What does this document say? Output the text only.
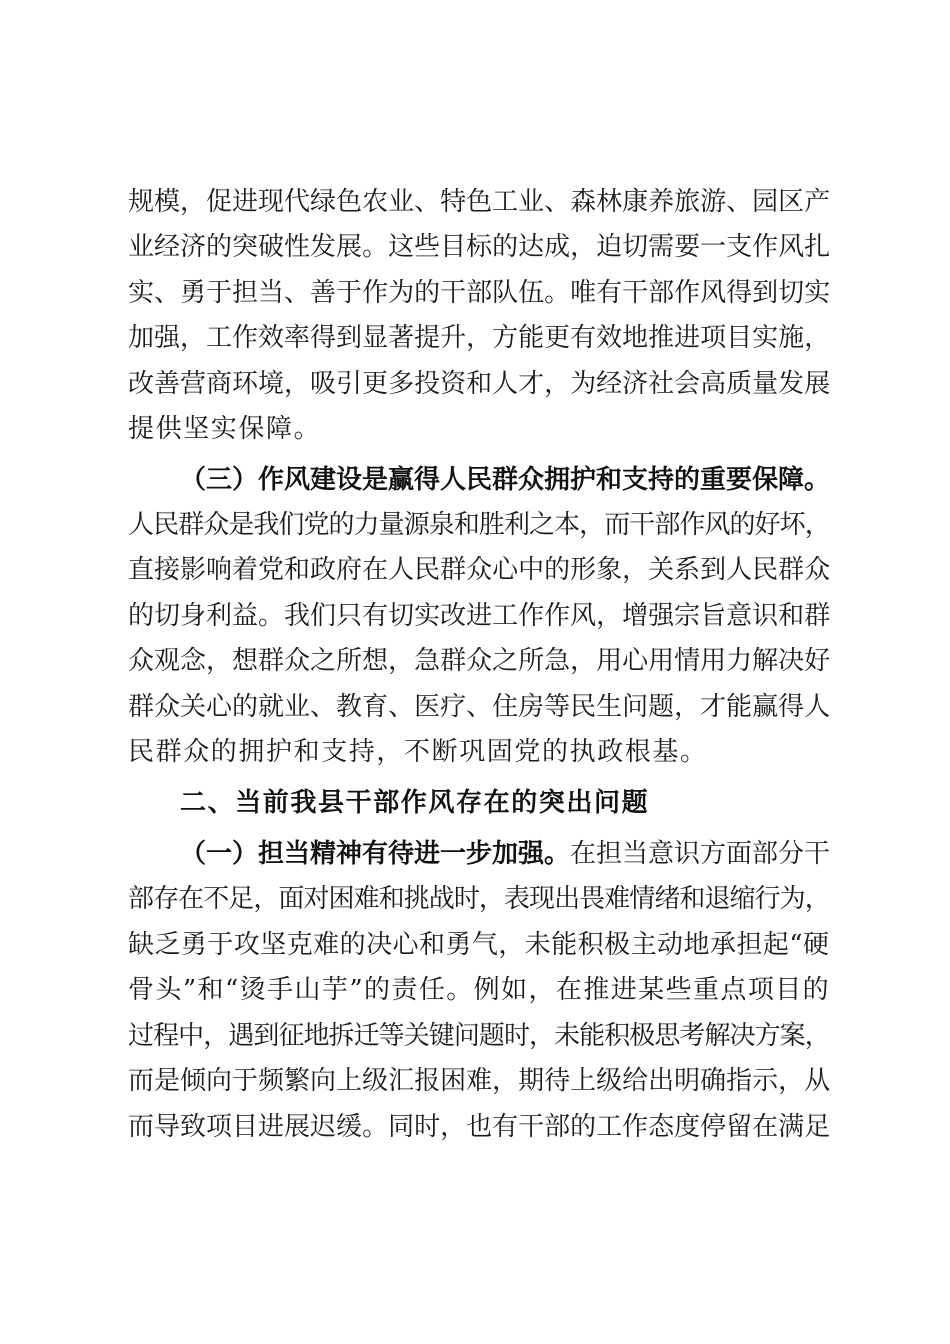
规模，促进现代绿色农业、特色工业、森林康养旅游、园区产
业经济的突破性发展。这些目标的达成，迫切需要一支作风扎
实、勇于担当、善于作为的干部队伍。唯有干部作风得到切实
加强，工作效率得到显著提升，方能更有效地推进项目实施，
改善营商环境，吸引更多投资和人才，为经济社会高质量发展
提供坚实保障。
（三）作风建设是赢得人民群众拥护和支持的重要保障。
人民群众是我们党的力量源泉和胜利之本，而干部作风的好坏，
直接影响着党和政府在人民群众心中的形象，关系到人民群众
的切身利益。我们只有切实改进工作作风，增强宗旨意识和群
众观念，想群众之所想，急群众之所急，用心用情用力解决好
群众关心的就业、教育、医疗、住房等民生问题，才能赢得人
民群众的拥护和支持，不断巩固党的执政根基。
二、当前我县干部作风存在的突出问题
（一）担当精神有待进一步加强。在担当意识方面部分干
部存在不足，面对困难和挑战时，表现出畏难情绪和退缩行为，
缺乏勇于攻坚克难的决心和勇气，未能积极主动地承担起“硬
骨头”和“烫手山芋”的责任。例如，在推进某些重点项目的
过程中，遇到征地拆迁等关键问题时，未能积极思考解决方案，
而是倾向于频繁向上级汇报困难，期待上级给出明确指示，从
而导致项目进展迟缓。同时，也有干部的工作态度停留在满足
